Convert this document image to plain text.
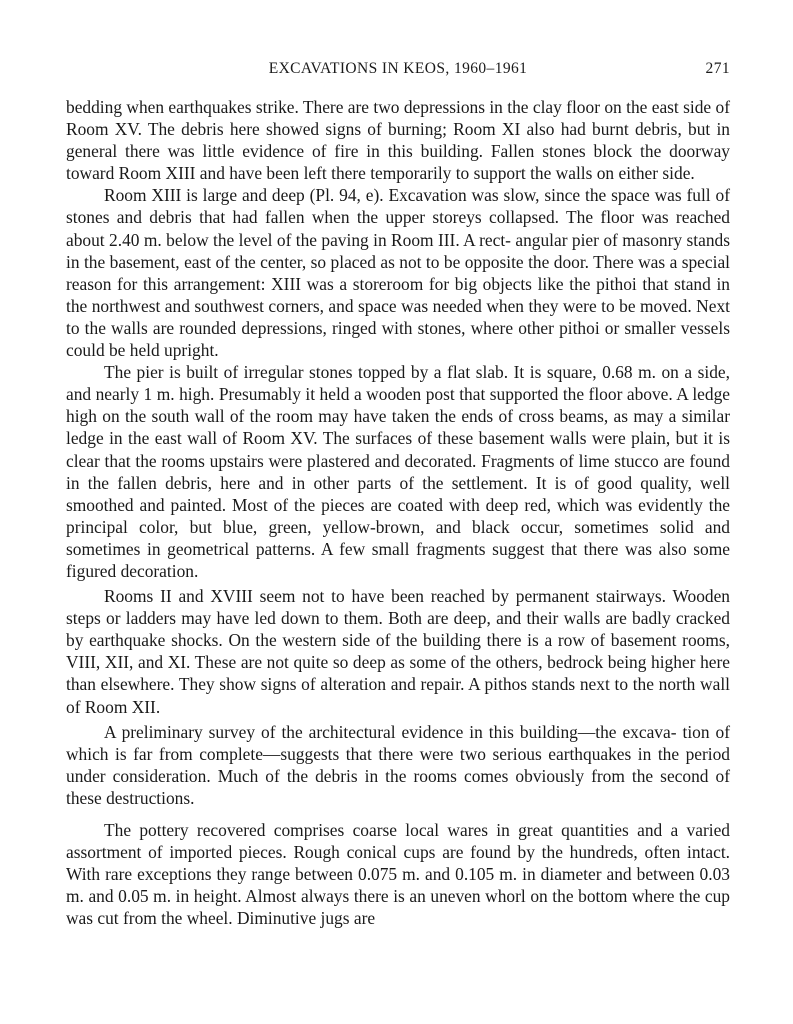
EXCAVATIONS IN KEOS, 1960–1961	271

bedding when earthquakes strike. There are two depressions in the clay floor on the east side of Room XV. The debris here showed signs of burning; Room XI also had burnt debris, but in general there was little evidence of fire in this building. Fallen stones block the doorway toward Room XIII and have been left there temporarily to support the walls on either side.

Room XIII is large and deep (Pl. 94, e). Excavation was slow, since the space was full of stones and debris that had fallen when the upper storeys collapsed. The floor was reached about 2.40 m. below the level of the paving in Room III. A rect- angular pier of masonry stands in the basement, east of the center, so placed as not to be opposite the door. There was a special reason for this arrangement: XIII was a storeroom for big objects like the pithoi that stand in the northwest and southwest corners, and space was needed when they were to be moved. Next to the walls are rounded depressions, ringed with stones, where other pithoi or smaller vessels could be held upright.

The pier is built of irregular stones topped by a flat slab. It is square, 0.68 m. on a side, and nearly 1 m. high. Presumably it held a wooden post that supported the floor above. A ledge high on the south wall of the room may have taken the ends of cross beams, as may a similar ledge in the east wall of Room XV. The surfaces of these basement walls were plain, but it is clear that the rooms upstairs were plastered and decorated. Fragments of lime stucco are found in the fallen debris, here and in other parts of the settlement. It is of good quality, well smoothed and painted. Most of the pieces are coated with deep red, which was evidently the principal color, but blue, green, yellow-brown, and black occur, sometimes solid and sometimes in geometrical patterns. A few small fragments suggest that there was also some figured decoration.

Rooms II and XVIII seem not to have been reached by permanent stairways. Wooden steps or ladders may have led down to them. Both are deep, and their walls are badly cracked by earthquake shocks. On the western side of the building there is a row of basement rooms, VIII, XII, and XI. These are not quite so deep as some of the others, bedrock being higher here than elsewhere. They show signs of alteration and repair. A pithos stands next to the north wall of Room XII.

A preliminary survey of the architectural evidence in this building—the excava- tion of which is far from complete—suggests that there were two serious earthquakes in the period under consideration. Much of the debris in the rooms comes obviously from the second of these destructions.

The pottery recovered comprises coarse local wares in great quantities and a varied assortment of imported pieces. Rough conical cups are found by the hundreds, often intact. With rare exceptions they range between 0.075 m. and 0.105 m. in diameter and between 0.03 m. and 0.05 m. in height. Almost always there is an uneven whorl on the bottom where the cup was cut from the wheel. Diminutive jugs are
